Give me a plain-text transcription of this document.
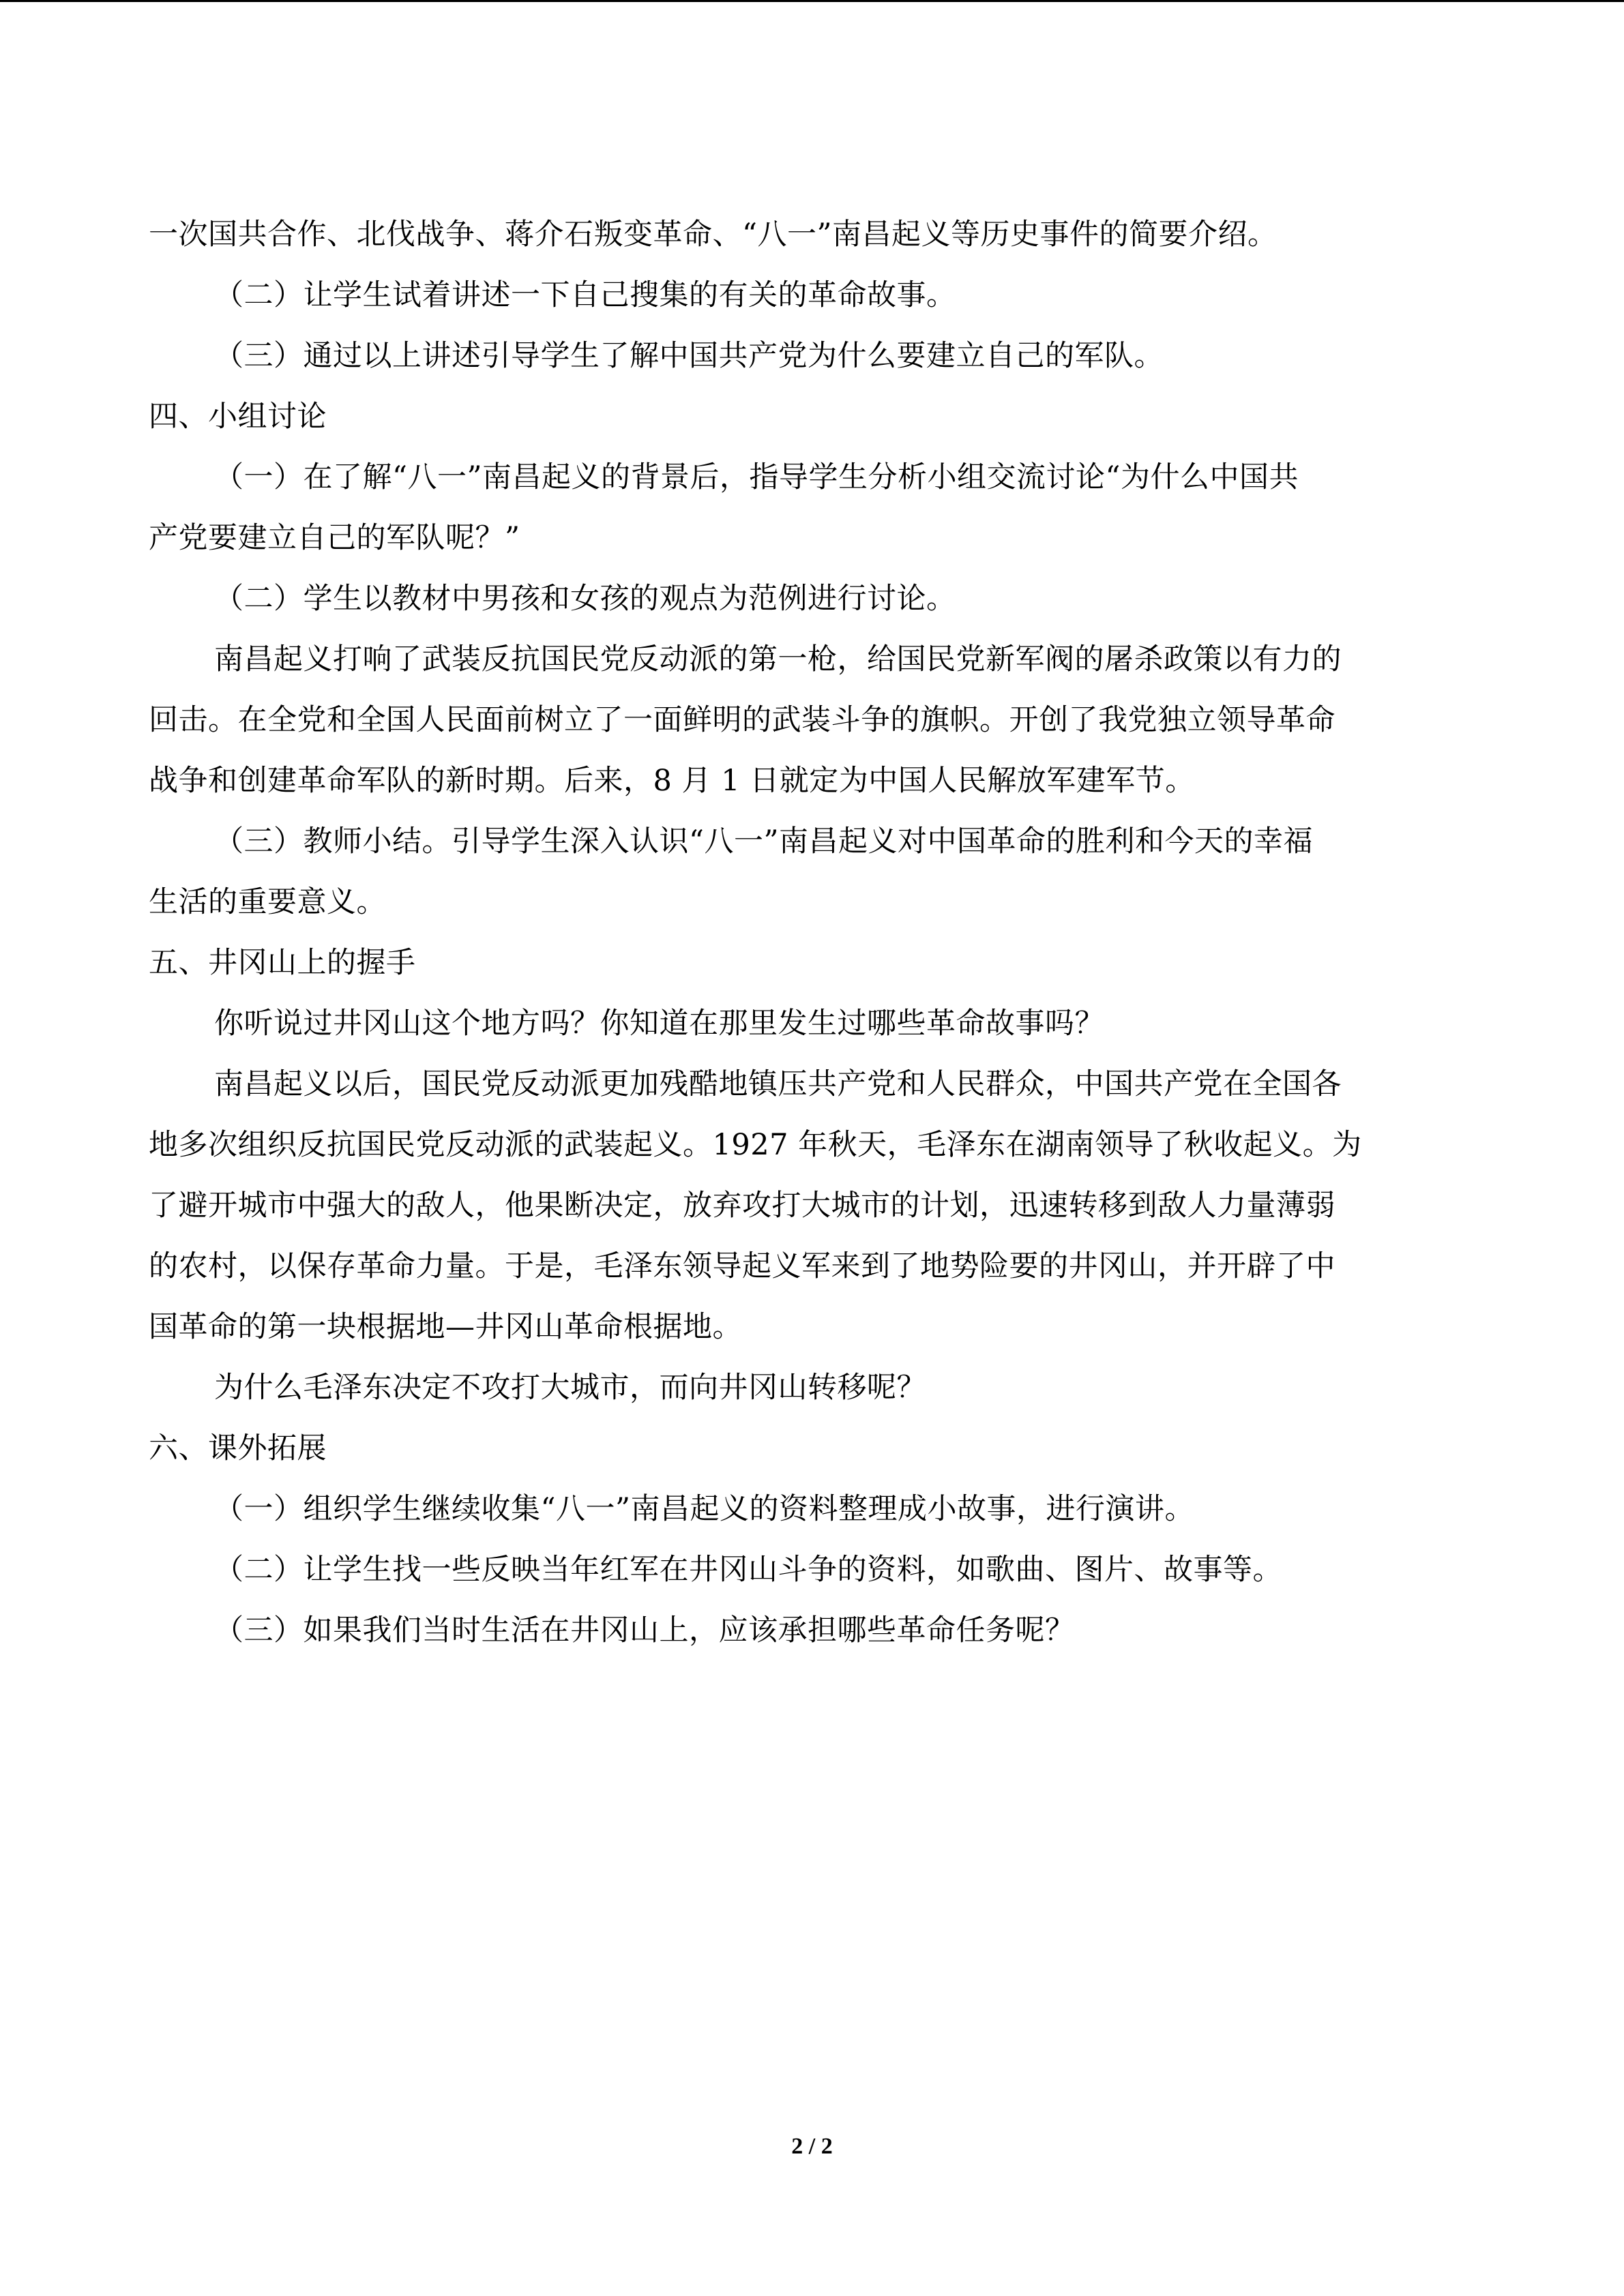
一次国共合作、北伐战争、蒋介石叛变革命、“八一”南昌起义等历史事件的简要介绍。
（二）让学生试着讲述一下自己搜集的有关的革命故事。
（三）通过以上讲述引导学生了解中国共产党为什么要建立自己的军队。
四、小组讨论
（一）在了解“八一”南昌起义的背景后，指导学生分析小组交流讨论“为什么中国共
产党要建立自己的军队呢？”
（二）学生以教材中男孩和女孩的观点为范例进行讨论。
南昌起义打响了武装反抗国民党反动派的第一枪，给国民党新军阀的屠杀政策以有力的
回击。在全党和全国人民面前树立了一面鲜明的武装斗争的旗帜。开创了我党独立领导革命
战争和创建革命军队的新时期。后来，8 月 1 日就定为中国人民解放军建军节。
（三）教师小结。引导学生深入认识“八一”南昌起义对中国革命的胜利和今天的幸福
生活的重要意义。
五、井冈山上的握手
你听说过井冈山这个地方吗？你知道在那里发生过哪些革命故事吗？
南昌起义以后，国民党反动派更加残酷地镇压共产党和人民群众，中国共产党在全国各
地多次组织反抗国民党反动派的武装起义。1927 年秋天，毛泽东在湖南领导了秋收起义。为
了避开城市中强大的敌人，他果断决定，放弃攻打大城市的计划，迅速转移到敌人力量薄弱
的农村，以保存革命力量。于是，毛泽东领导起义军来到了地势险要的井冈山，并开辟了中
国革命的第一块根据地—井冈山革命根据地。
为什么毛泽东决定不攻打大城市，而向井冈山转移呢？
六、课外拓展
（一）组织学生继续收集“八一”南昌起义的资料整理成小故事，进行演讲。
（二）让学生找一些反映当年红军在井冈山斗争的资料，如歌曲、图片、故事等。
（三）如果我们当时生活在井冈山上，应该承担哪些革命任务呢？
2 / 2
